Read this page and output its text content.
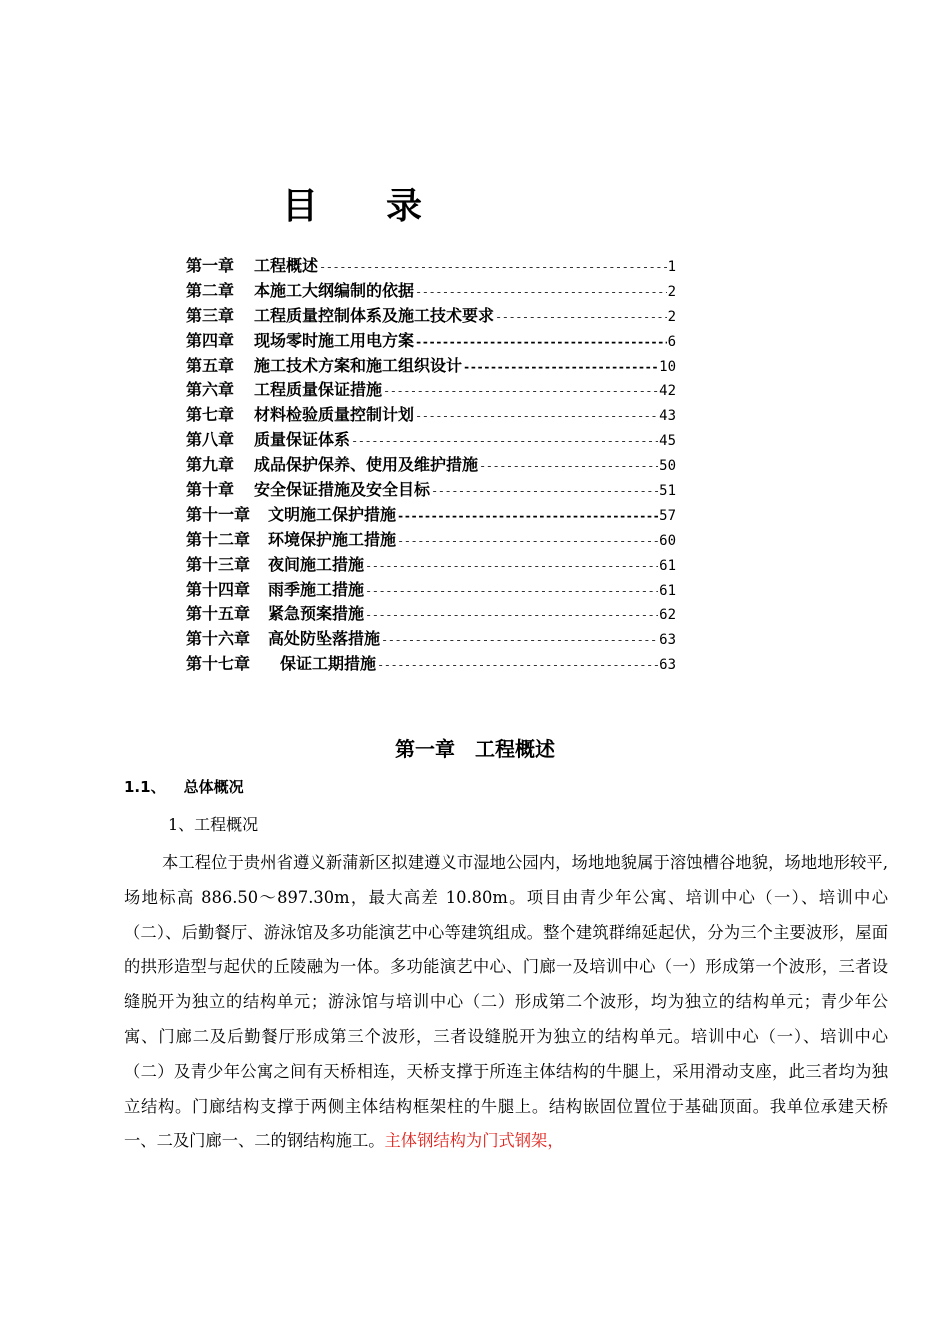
目 录
第一章 工程概述 -----	1
第二章 本施工大纲编制的依据 -----	2
第三章 工程质量控制体系及施工技术要求 -----	2
第四章 现场零时施工用电方案 -----	6
第五章 施工技术方案和施工组织设计 -----	10
第六章 工程质量保证措施 -----	42
第七章 材料检验质量控制计划 -----	43
第八章 质量保证体系 -----	45
第九章 成品保护保养、使用及维护措施 -----	50
第十章 安全保证措施及安全目标 -----	51
第十一章 文明施工保护措施 -----	57
第十二章 环境保护施工措施 -----	60
第十三章 夜间施工措施 -----	61
第十四章 雨季施工措施 -----	61
第十五章 紧急预案措施 -----	62
第十六章 高处防坠落措施 -----	63
第十七章 保证工期措施 -----	63
第一章　工程概述
1.1、 总体概况
1、工程概况
本工程位于贵州省遵义新蒲新区拟建遵义市湿地公园内，场地地貌属于溶蚀槽谷地貌，场地地形较平,场地标高 886.50～897.30m，最大高差 10.80m。项目由青少年公寓、培训中心（一）、培训中心（二）、后勤餐厅、游泳馆及多功能演艺中心等建筑组成。整个建筑群绵延起伏，分为三个主要波形，屋面的拱形造型与起伏的丘陵融为一体。多功能演艺中心、门廊一及培训中心（一）形成第一个波形，三者设缝脱开为独立的结构单元；游泳馆与培训中心（二）形成第二个波形，均为独立的结构单元；青少年公寓、门廊二及后勤餐厅形成第三个波形，三者设缝脱开为独立的结构单元。培训中心（一）、培训中心（二）及青少年公寓之间有天桥相连，天桥支撑于所连主体结构的牛腿上，采用滑动支座，此三者均为独立结构。门廊结构支撑于两侧主体结构框架柱的牛腿上。结构嵌固位置位于基础顶面。我单位承建天桥一、二及门廊一、二的钢结构施工。主体钢结构为门式钢架，
